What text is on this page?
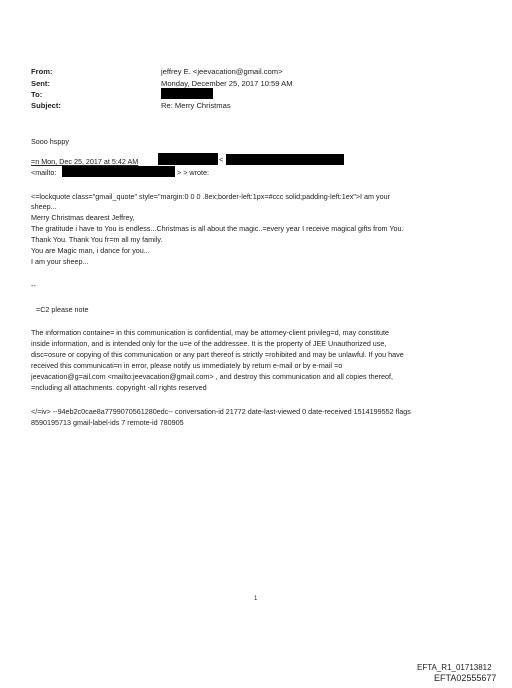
From:	jeffrey E. <jeevacation@gmail.com>
Sent:	Monday, December 25, 2017 10:59 AM
To:
Subject:	Re: Merry Christmas
Sooo hsppy
=n Mon, Dec 25, 2017 at 5:42 AM	<
<mailto:	> > wrote:
<=lockquote class="gmail_quote" style="margin:0 0 0 .8ex;border-left:1px=#ccc solid;padding-left:1ex">I am your
sheep...
Merry Christmas dearest Jeffrey,
The gratitude i have to You is endless...Christmas is all about the magic..=every year I receive magical gifts from You.
Thank You. Thank You fr=m all my family.
You are Magic man, i dance for you...
I am your sheep...
--
=C2 please note
The information containe= in this communication is confidential, may be attorney-client privileg=d, may constitute
inside information, and is intended only for the u=e of the addressee. It is the property of JEE Unauthorized use,
disc=osure or copying of this communication or any part thereof is strictly =rohibited and may be unlawful. If you have
received this communicati=n in error, please notify us immediately by return e-mail or by e-mail =o
jeevacation@g=ail.com <mailto:jeevacation@gmail.com> , and destroy this communication and all copies thereof,
=ncluding all attachments. copyright -all rights reserved
</=iv> --94eb2c0cae8a7799070561280edc-- conversation-id 21772 date-last-viewed 0 date-received 1514199552 flags
8590195713 gmail-label-ids 7 remote-id 780905
1
EFTA_R1_01713812
EFTA02555677
